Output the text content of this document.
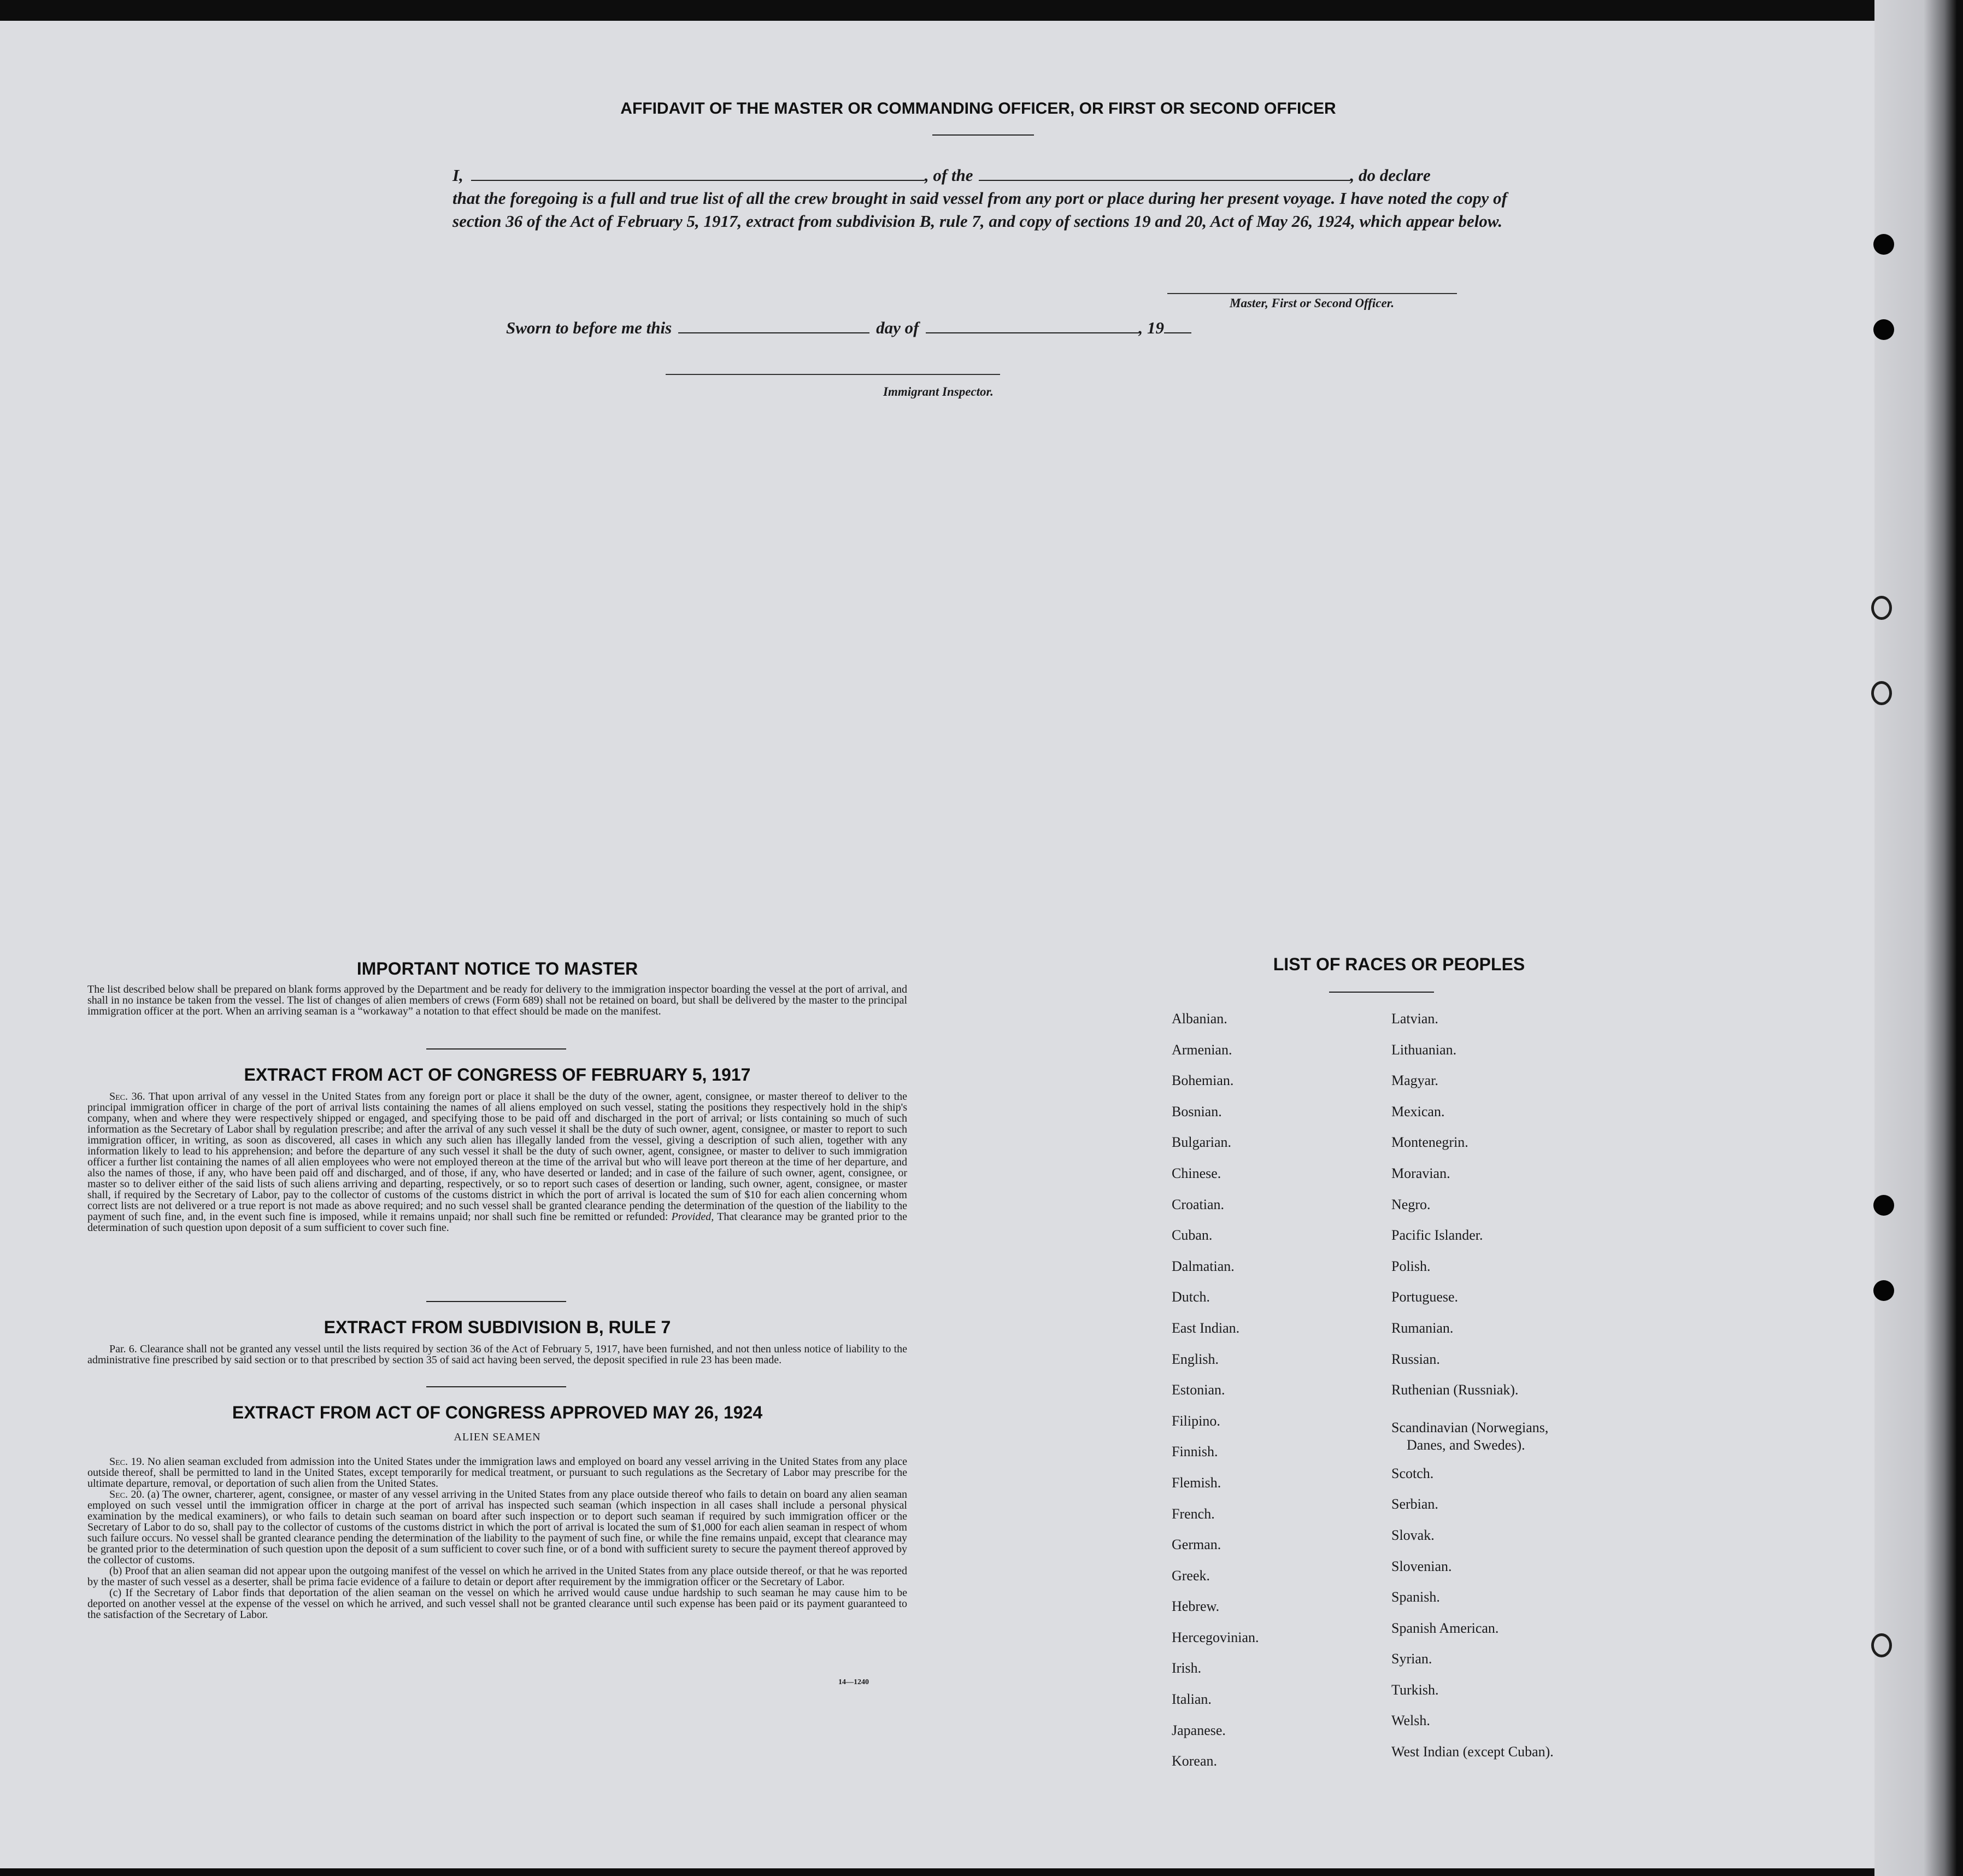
AFFIDAVIT OF THE MASTER OR COMMANDING OFFICER, OR FIRST OR SECOND OFFICER
I,	, of the	, do declare
that the foregoing is a full and true list of all the crew brought in said vessel from any port or place during her present voyage. I have noted the copy of section 36 of the Act of February 5, 1917, extract from subdivision B, rule 7, and copy of sections 19 and 20, Act of May 26, 1924, which appear below.
Master, First or Second Officer.
Sworn to before me this	day of	, 19
Immigrant Inspector.
IMPORTANT NOTICE TO MASTER
The list described below shall be prepared on blank forms approved by the Department and be ready for delivery to the immigration inspector boarding the vessel at the port of arrival, and shall in no instance be taken from the vessel. The list of changes of alien members of crews (Form 689) shall not be retained on board, but shall be delivered by the master to the principal immigration officer at the port. When an arriving seaman is a “workaway” a notation to that effect should be made on the manifest.
EXTRACT FROM ACT OF CONGRESS OF FEBRUARY 5, 1917
Sec. 36. That upon arrival of any vessel in the United States from any foreign port or place it shall be the duty of the owner, agent, consignee, or master thereof to deliver to the principal immigration officer in charge of the port of arrival lists containing the names of all aliens employed on such vessel, stating the positions they respectively hold in the ship's company, when and where they were respectively shipped or engaged, and specifying those to be paid off and discharged in the port of arrival; or lists containing so much of such information as the Secretary of Labor shall by regulation prescribe; and after the arrival of any such vessel it shall be the duty of such owner, agent, consignee, or master to report to such immigration officer, in writing, as soon as discovered, all cases in which any such alien has illegally landed from the vessel, giving a description of such alien, together with any information likely to lead to his apprehension; and before the departure of any such vessel it shall be the duty of such owner, agent, consignee, or master to deliver to such immigration officer a further list containing the names of all alien employees who were not employed thereon at the time of the arrival but who will leave port thereon at the time of her departure, and also the names of those, if any, who have been paid off and discharged, and of those, if any, who have deserted or landed; and in case of the failure of such owner, agent, consignee, or master so to deliver either of the said lists of such aliens arriving and departing, respectively, or so to report such cases of desertion or landing, such owner, agent, consignee, or master shall, if required by the Secretary of Labor, pay to the collector of customs of the customs district in which the port of arrival is located the sum of $10 for each alien concerning whom correct lists are not delivered or a true report is not made as above required; and no such vessel shall be granted clearance pending the determination of the question of the liability to the payment of such fine, and, in the event such fine is imposed, while it remains unpaid; nor shall such fine be remitted or refunded: Provided, That clearance may be granted prior to the determination of such question upon deposit of a sum sufficient to cover such fine.
EXTRACT FROM SUBDIVISION B, RULE 7
Par. 6. Clearance shall not be granted any vessel until the lists required by section 36 of the Act of February 5, 1917, have been furnished, and not then unless notice of liability to the administrative fine prescribed by said section or to that prescribed by section 35 of said act having been served, the deposit specified in rule 23 has been made.
EXTRACT FROM ACT OF CONGRESS APPROVED MAY 26, 1924
ALIEN SEAMEN
Sec. 19. No alien seaman excluded from admission into the United States under the immigration laws and employed on board any vessel arriving in the United States from any place outside thereof, shall be permitted to land in the United States, except temporarily for medical treatment, or pursuant to such regulations as the Secretary of Labor may prescribe for the ultimate departure, removal, or deportation of such alien from the United States.
Sec. 20. (a) The owner, charterer, agent, consignee, or master of any vessel arriving in the United States from any place outside thereof who fails to detain on board any alien seaman employed on such vessel until the immigration officer in charge at the port of arrival has inspected such seaman (which inspection in all cases shall include a personal physical examination by the medical examiners), or who fails to detain such seaman on board after such inspection or to deport such seaman if required by such immigration officer or the Secretary of Labor to do so, shall pay to the collector of customs of the customs district in which the port of arrival is located the sum of $1,000 for each alien seaman in respect of whom such failure occurs. No vessel shall be granted clearance pending the determination of the liability to the payment of such fine, or while the fine remains unpaid, except that clearance may be granted prior to the determination of such question upon the deposit of a sum sufficient to cover such fine, or of a bond with sufficient surety to secure the payment thereof approved by the collector of customs.
(b) Proof that an alien seaman did not appear upon the outgoing manifest of the vessel on which he arrived in the United States from any place outside thereof, or that he was reported by the master of such vessel as a deserter, shall be prima facie evidence of a failure to detain or deport after requirement by the immigration officer or the Secretary of Labor.
(c) If the Secretary of Labor finds that deportation of the alien seaman on the vessel on which he arrived would cause undue hardship to such seaman he may cause him to be deported on another vessel at the expense of the vessel on which he arrived, and such vessel shall not be granted clearance until such expense has been paid or its payment guaranteed to the satisfaction of the Secretary of Labor.
14—1240
LIST OF RACES OR PEOPLES
Albanian.
Armenian.
Bohemian.
Bosnian.
Bulgarian.
Chinese.
Croatian.
Cuban.
Dalmatian.
Dutch.
East Indian.
English.
Estonian.
Filipino.
Finnish.
Flemish.
French.
German.
Greek.
Hebrew.
Hercegovinian.
Irish.
Italian.
Japanese.
Korean.
Latvian.
Lithuanian.
Magyar.
Mexican.
Montenegrin.
Moravian.
Negro.
Pacific Islander.
Polish.
Portuguese.
Rumanian.
Russian.
Ruthenian (Russniak).
Scandinavian (Norwegians,
Danes, and Swedes).
Scotch.
Serbian.
Slovak.
Slovenian.
Spanish.
Spanish American.
Syrian.
Turkish.
Welsh.
West Indian (except Cuban).
